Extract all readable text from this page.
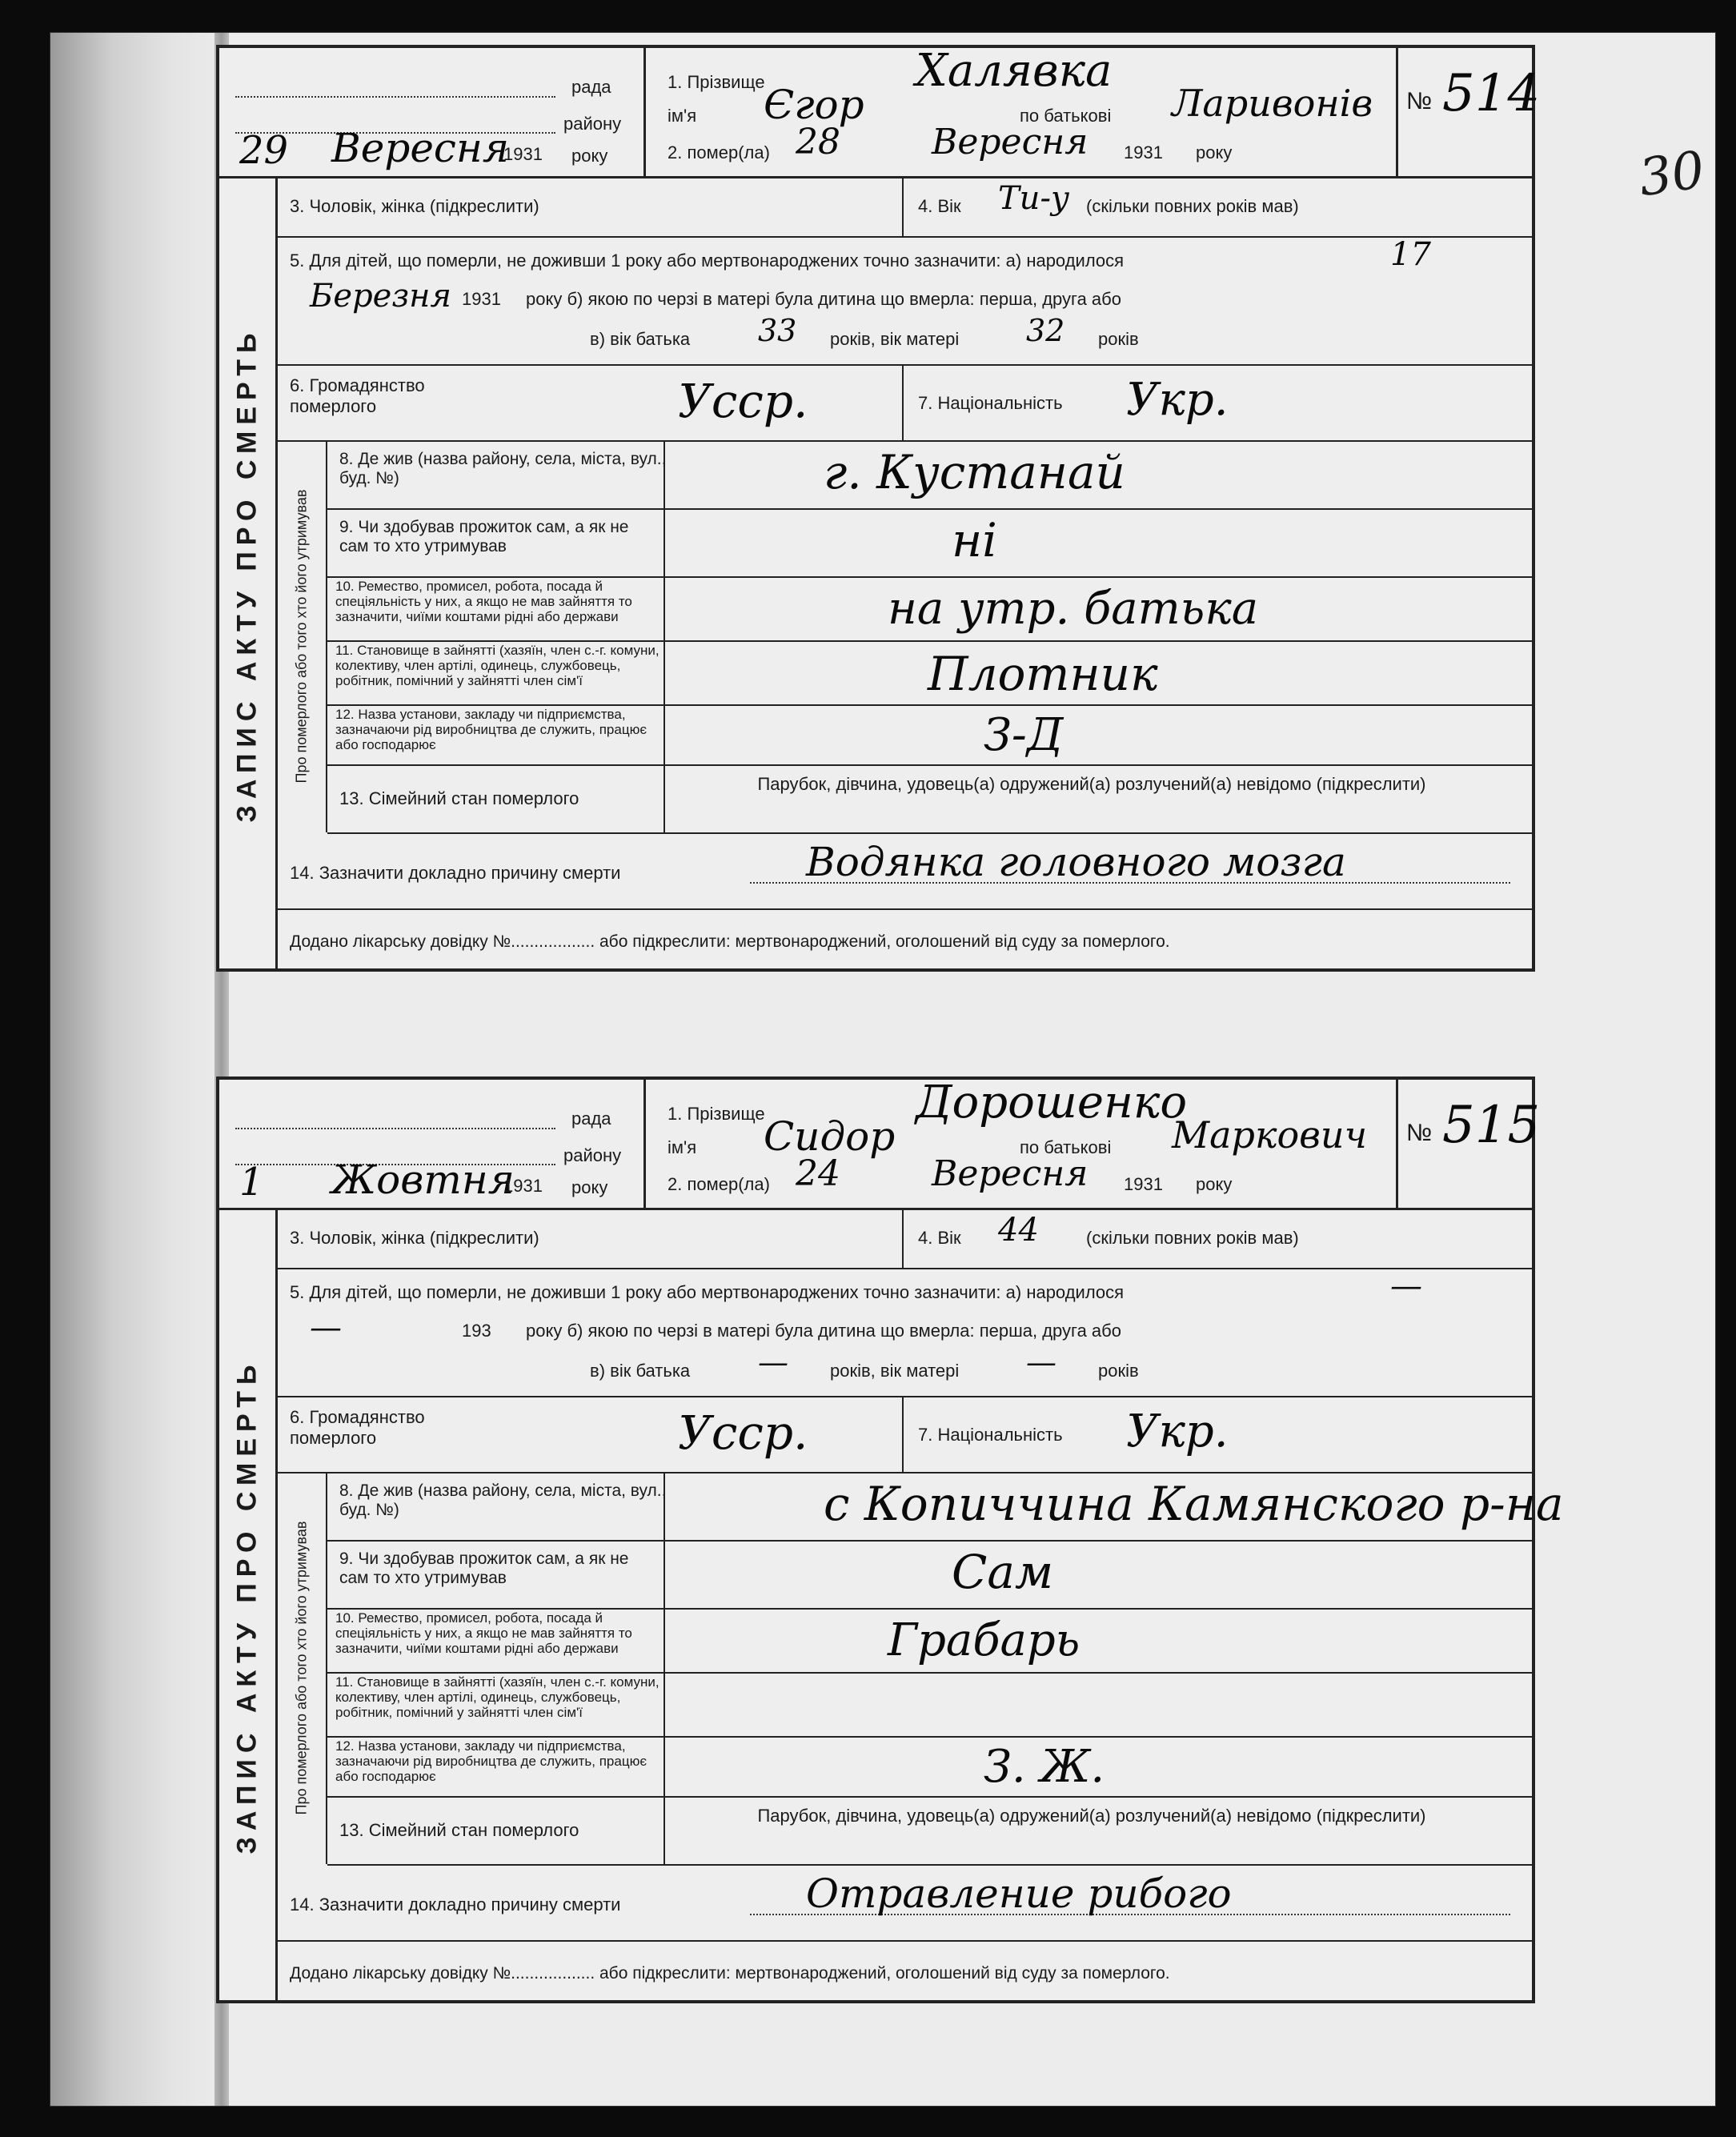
30
рада
району
29 Вересня
1931 року
1. Прізвище	Халявка
ім'я Єгор	по батькові Ларивонів
2. помер(ла) 28	Вересня 1931 року
№ 514
ЗАПИС АКТУ ПРО СМЕРТЬ
3. Чоловік, жінка (підкреслити)	4. Вік Ти-у (скільки повних років мав)
5. Для дітей, що померли, не доживши 1 року або мертвонароджених точно зазначити: а) народилося	17
Березня 1931 року б) якою по черзі в матері була дитина що вмерла: перша, друга або
в) вік батька 33 років, вік матері 32 років
6. Громадянство померлого	Усср.	7. Національність Укр.
Про померлого або того хто його утримував
8. Де жив (назва району, села, міста, вул., буд. №)	г. Кустанай
9. Чи здобував прожиток сам, а як не сам то хто утримував	ні
10. Ремество, промисел, робота, посада й спеціяльність у них, а якщо не мав зайняття то зазначити, чиїми коштами рідні або держави	на утр. батька
11. Становище в зайнятті (хазяїн, член с.-г. комуни, колективу, член артілі, одинець, службовець, робітник, помічний у зайнятті член сім'ї	Плотник
12. Назва установи, закладу чи підприємства, зазначаючи рід виробництва де служить, працює або господарює	З-Д
13. Сімейний стан померлого
Парубок, дівчина, удовець(а) одружений(а) розлучений(а) невідомо (підкреслити)
14. Зазначити докладно причину смерти	Водянка головного мозга
Додано лікарську довідку №.................. або підкреслити: мертвонароджений, оголошений від суду за померлого.
рада
району
1 Жовтня
1931 року
1. Прізвище	Дорошенко
ім'я Сидор	по батькові Маркович
2. помер(ла) 24	Вересня 1931 року
№ 515
ЗАПИС АКТУ ПРО СМЕРТЬ
3. Чоловік, жінка (підкреслити)	4. Вік 44	(скільки повних років мав)
5. Для дітей, що померли, не доживши 1 року або мертвонароджених точно зазначити: а) народилося	—
—	193 року б) якою по черзі в матері була дитина що вмерла: перша, друга або
в) вік батька — років, вік матері — років
6. Громадянство померлого	Усср.	7. Національність Укр.
Про померлого або того хто його утримував
8. Де жив (назва району, села, міста, вул., буд. №)	с Копиччина Камянского р-на
9. Чи здобував прожиток сам, а як не сам то хто утримував	Сам
10. Ремество, промисел, робота, посада й спеціяльність у них, а якщо не мав зайняття то зазначити, чиїми коштами рідні або держави	Грабарь
11. Становище в зайнятті (хазяїн, член с.-г. комуни, колективу, член артілі, одинець, службовець, робітник, помічний у зайнятті член сім'ї
12. Назва установи, закладу чи підприємства, зазначаючи рід виробництва де служить, працює або господарює	З. Ж.
13. Сімейний стан померлого
Парубок, дівчина, удовець(а) одружений(а) розлучений(а) невідомо (підкреслити)
14. Зазначити докладно причину смерти	Отравление рибого
Додано лікарську довідку №.................. або підкреслити: мертвонароджений, оголошений від суду за померлого.
